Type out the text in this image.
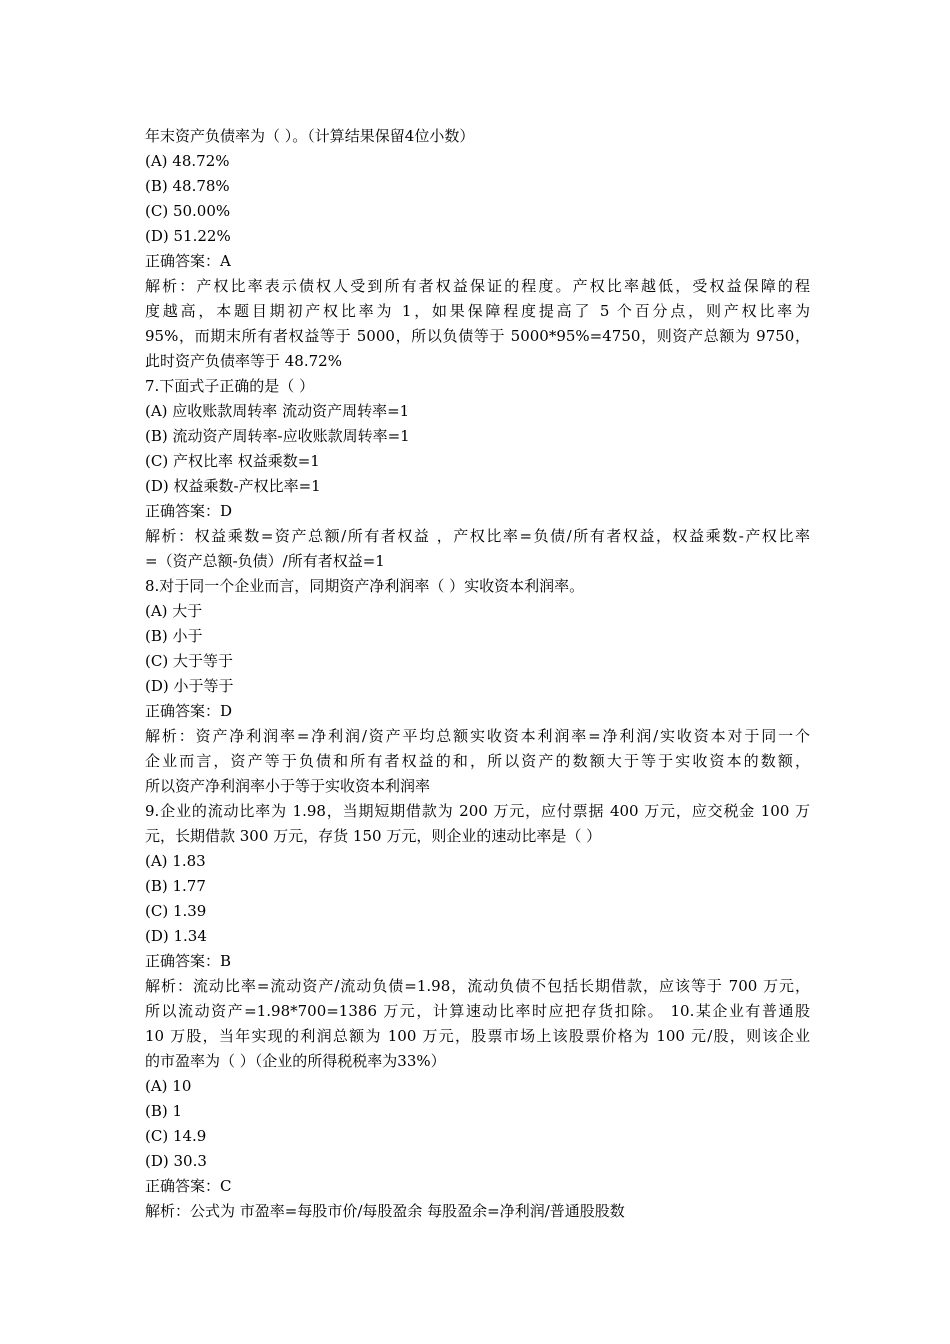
年末资产负债率为（ ）。（计算结果保留4位小数）
(A) 48.72%
(B) 48.78%
(C) 50.00%
(D) 51.22%
正确答案：A
解析：产权比率表示债权人受到所有者权益保证的程度。产权比率越低，受权益保障的程
度越高，本题目期初产权比率为 1，如果保障程度提高了 5 个百分点，则产权比率为
95%，而期末所有者权益等于 5000，所以负债等于 5000*95%=4750，则资产总额为 9750，
此时资产负债率等于 48.72%
7.下面式子正确的是（ ）
(A) 应收账款周转率 流动资产周转率=1
(B) 流动资产周转率-应收账款周转率=1
(C) 产权比率 权益乘数=1
(D) 权益乘数-产权比率=1
正确答案：D
解析：权益乘数=资产总额/所有者权益 ，产权比率=负债/所有者权益，权益乘数-产权比率
=（资产总额-负债）/所有者权益=1
8.对于同一个企业而言，同期资产净利润率（ ）实收资本利润率。
(A) 大于
(B) 小于
(C) 大于等于
(D) 小于等于
正确答案：D
解析：资产净利润率=净利润/资产平均总额实收资本利润率=净利润/实收资本对于同一个
企业而言，资产等于负债和所有者权益的和，所以资产的数额大于等于实收资本的数额，
所以资产净利润率小于等于实收资本利润率
9.企业的流动比率为 1.98，当期短期借款为 200 万元，应付票据 400 万元，应交税金 100 万
元，长期借款 300 万元，存货 150 万元，则企业的速动比率是（ ）
(A) 1.83
(B) 1.77
(C) 1.39
(D) 1.34
正确答案：B
解析：流动比率=流动资产/流动负债=1.98，流动负债不包括长期借款，应该等于 700 万元，
所以流动资产=1.98*700=1386 万元，计算速动比率时应把存货扣除。 10.某企业有普通股
10 万股，当年实现的利润总额为 100 万元，股票市场上该股票价格为 100 元/股，则该企业
的市盈率为（ ）（企业的所得税税率为33%）
(A) 10
(B) 1
(C) 14.9
(D) 30.3
正确答案：C
解析：公式为 市盈率=每股市价/每股盈余 每股盈余=净利润/普通股股数
